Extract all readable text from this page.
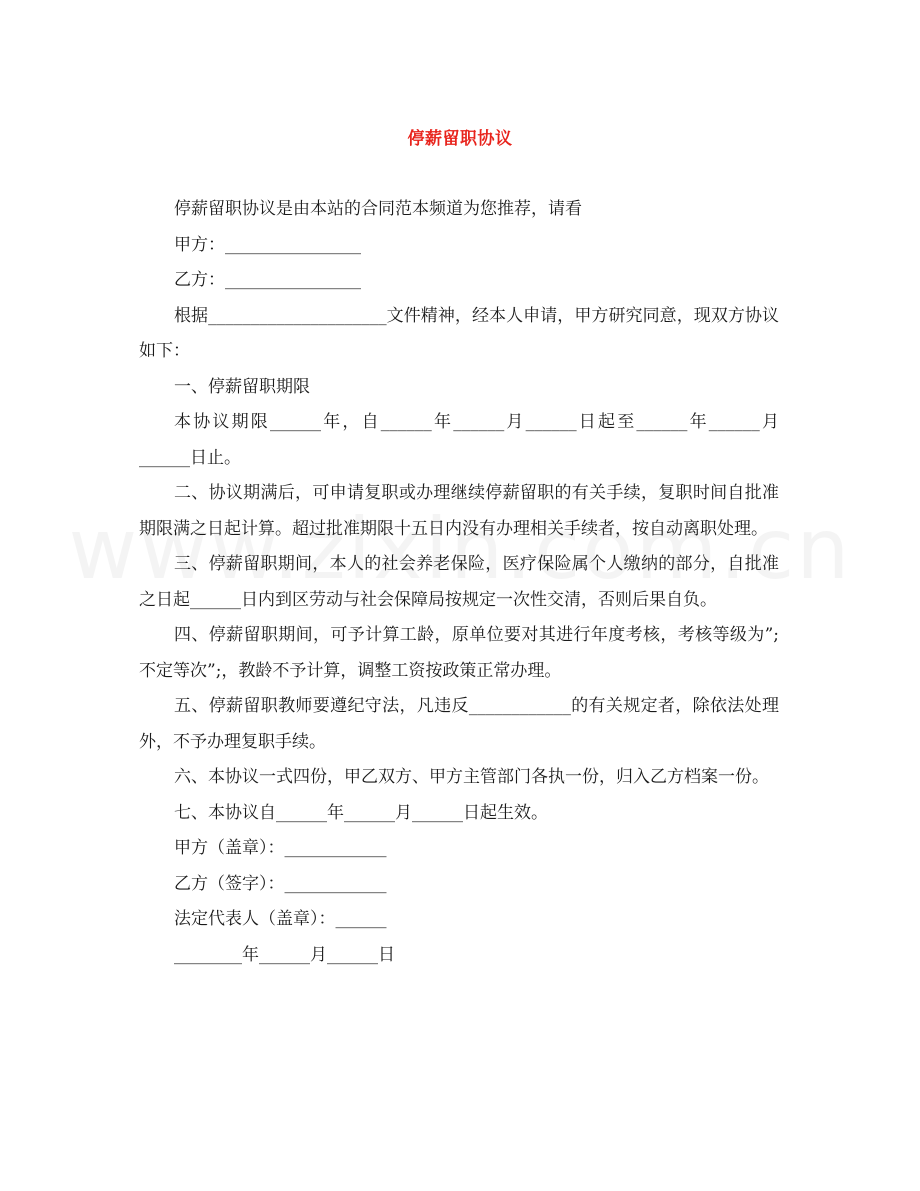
停薪留职协议

停薪留职协议是由本站的合同范本频道为您推荐，请看

甲方：________________

乙方：________________

根据_____________________文件精神，经本人申请，甲方研究同意，现双方协议如下：

一、停薪留职期限

本协议期限______年，自______年______月______日起至______年______月______日止。

二、协议期满后，可申请复职或办理继续停薪留职的有关手续，复职时间自批准期限满之日起计算。超过批准期限十五日内没有办理相关手续者，按自动离职处理。

三、停薪留职期间，本人的社会养老保险，医疗保险属个人缴纳的部分，自批准之日起______日内到区劳动与社会保障局按规定一次性交清，否则后果自负。

四、停薪留职期间，可予计算工龄，原单位要对其进行年度考核，考核等级为”;不定等次”;，教龄不予计算，调整工资按政策正常办理。

五、停薪留职教师要遵纪守法，凡违反____________的有关规定者，除依法处理外，不予办理复职手续。

六、本协议一式四份，甲乙双方、甲方主管部门各执一份，归入乙方档案一份。

七、本协议自______年______月______日起生效。

甲方（盖章）：____________

乙方（签字）：____________

法定代表人（盖章）：______

________年______月______日
